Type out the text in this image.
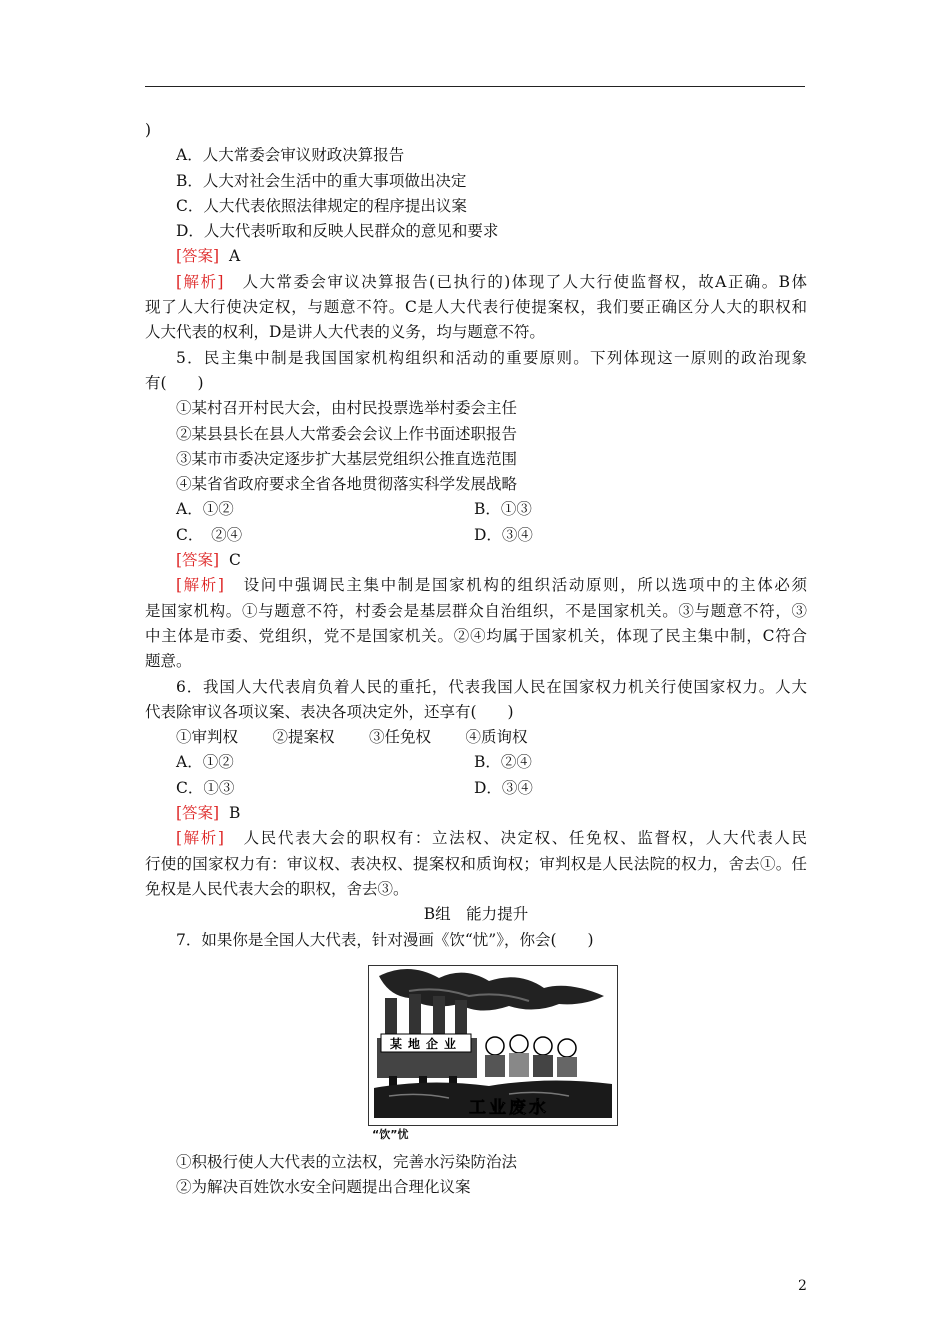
)
A．人大常委会审议财政决算报告
B．人大对社会生活中的重大事项做出决定
C．人大代表依照法律规定的程序提出议案
D．人大代表听取和反映人民群众的意见和要求
[答案] A
[解析] 人大常委会审议决算报告(已执行的)体现了人大行使监督权，故A正确。B体
现了人大行使决定权，与题意不符。C是人大代表行使提案权，我们要正确区分人大的职权和
人大代表的权利，D是讲人大代表的义务，均与题意不符。
5．民主集中制是我国国家机构组织和活动的重要原则。下列体现这一原则的政治现象
有(　　)
①某村召开村民大会，由村民投票选举村委会主任
②某县县长在县人大常委会会议上作书面述职报告
③某市市委决定逐步扩大基层党组织公推直选范围
④某省省政府要求全省各地贯彻落实科学发展战略
A．①②	B．①③
C．　②④	D．③④
[答案] C
[解析] 设问中强调民主集中制是国家机构的组织活动原则，所以选项中的主体必须
是国家机构。①与题意不符，村委会是基层群众自治组织，不是国家机关。③与题意不符，③
中主体是市委、党组织，党不是国家机关。②④均属于国家机关，体现了民主集中制，C符合
题意。
6．我国人大代表肩负着人民的重托，代表我国人民在国家权力机关行使国家权力。人大
代表除审议各项议案、表决各项决定外，还享有(　　)
①审判权 ②提案权 ③任免权 ④质询权
A．①②	B．②④
C．①③	D．③④
[答案] B
[解析] 人民代表大会的职权有：立法权、决定权、任免权、监督权，人大代表人民
行使的国家权力有：审议权、表决权、提案权和质询权；审判权是人民法院的权力，舍去①。任
免权是人民代表大会的职权，舍去③。
B组　能力提升
7．如果你是全国人大代表，针对漫画《饮“忧”》，你会(　　)
某地企业
工业废水
“饮”忧
①积极行使人大代表的立法权，完善水污染防治法
②为解决百姓饮水安全问题提出合理化议案
2
